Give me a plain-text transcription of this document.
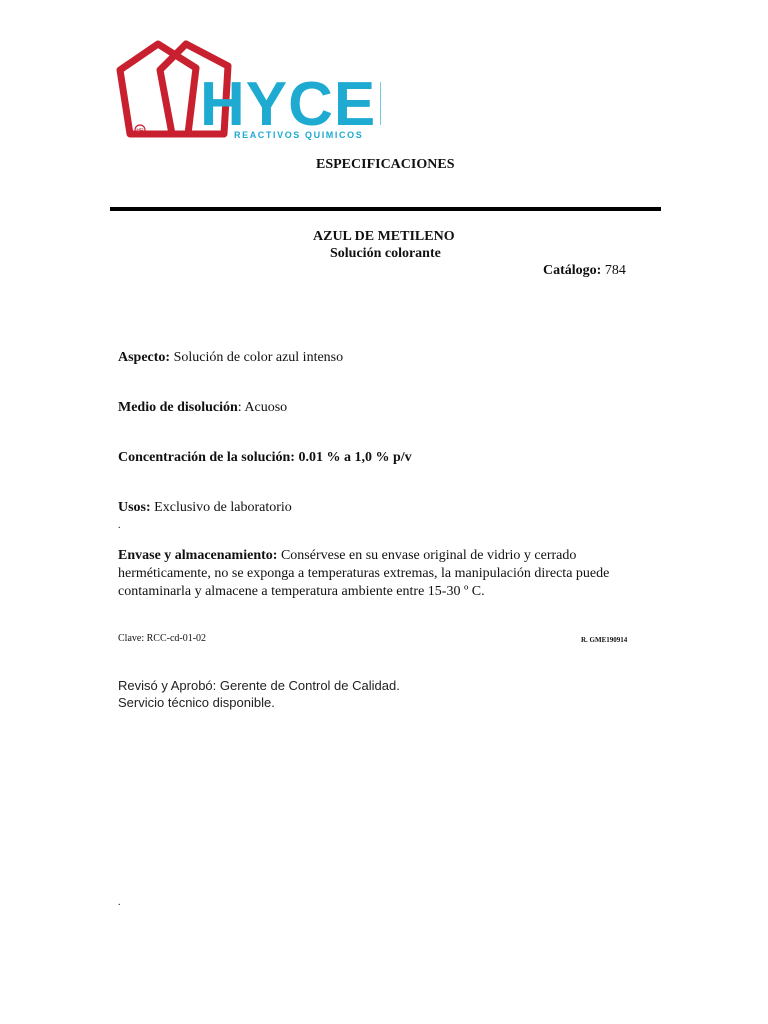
HR HYCE
REACTIVOS QUIMICOS
ESPECIFICACIONES
AZUL DE METILENO
Solución colorante
Catálogo: 784
Aspecto: Solución de color azul intenso
Medio de disolución: Acuoso
Concentración de la solución: 0.01 % a 1,0 % p/v
Usos: Exclusivo de laboratorio
.
Envase y almacenamiento: Consérvese en su envase original de vidrio y cerrado herméticamente, no se exponga a temperaturas extremas, la manipulación directa puede contaminarla y almacene a temperatura ambiente entre 15-30 º C.
Clave: RCC-cd-01-02	R. GME190914
Revisó y Aprobó: Gerente de Control de Calidad.
Servicio técnico disponible.
.
